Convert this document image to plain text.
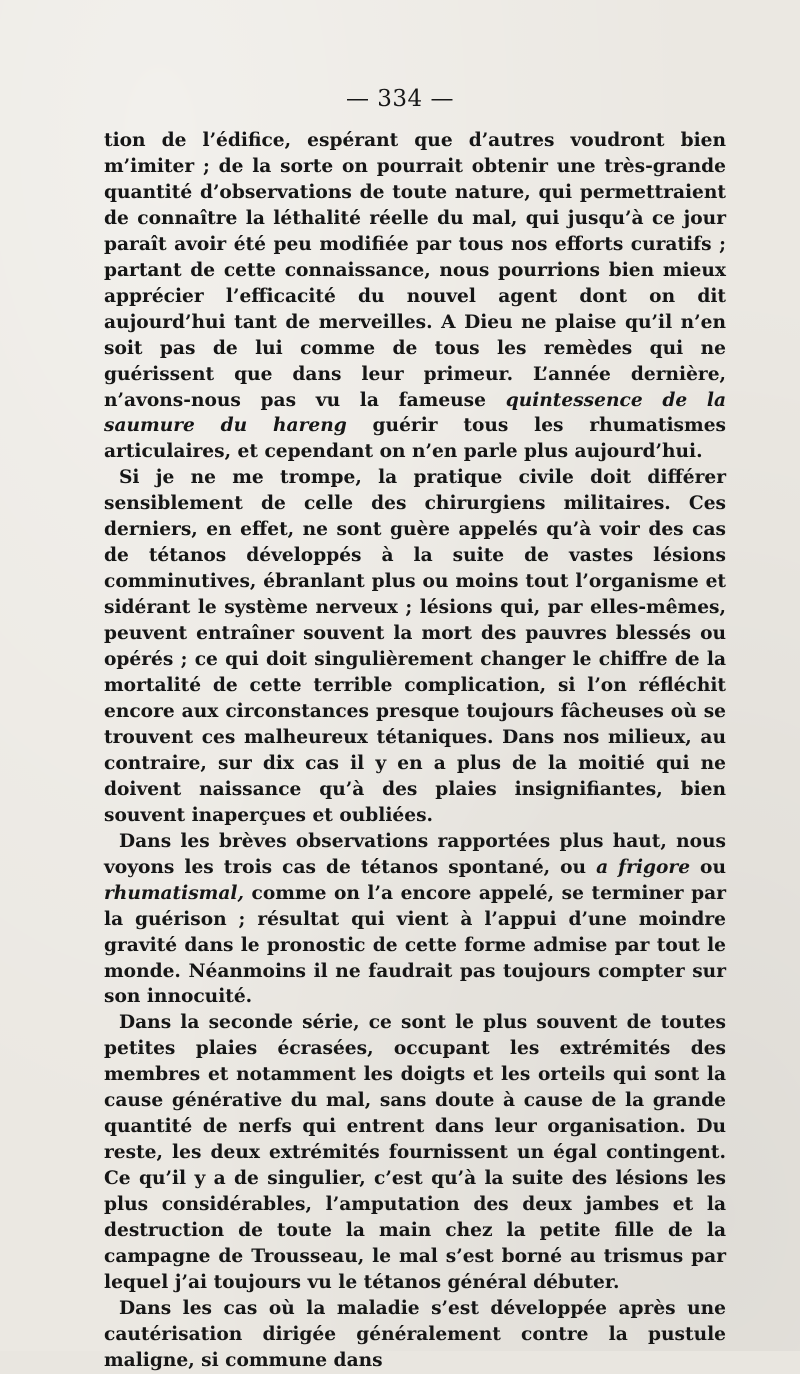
— 334 —

tion de l’édifice, espérant que d’autres voudront bien m’imiter ; de la sorte on pourrait obtenir une très-grande quantité d’observations de toute nature, qui permettraient de connaître la léthalité réelle du mal, qui jusqu’à ce jour paraît avoir été peu modifiée par tous nos efforts curatifs ; partant de cette connaissance, nous pourrions bien mieux apprécier l’efficacité du nouvel agent dont on dit aujourd’hui tant de merveilles. A Dieu ne plaise qu’il n’en soit pas de lui comme de tous les remèdes qui ne guérissent que dans leur primeur. L’année dernière, n’avons-nous pas vu la fameuse quintessence de la saumure du hareng guérir tous les rhumatismes articulaires, et cependant on n’en parle plus aujourd’hui.

Si je ne me trompe, la pratique civile doit différer sensiblement de celle des chirurgiens militaires. Ces derniers, en effet, ne sont guère appelés qu’à voir des cas de tétanos développés à la suite de vastes lésions comminutives, ébranlant plus ou moins tout l’organisme et sidérant le système nerveux ; lésions qui, par elles-mêmes, peuvent entraîner souvent la mort des pauvres blessés ou opérés ; ce qui doit singulièrement changer le chiffre de la mortalité de cette terrible complication, si l’on réfléchit encore aux circonstances presque toujours fâcheuses où se trouvent ces malheureux tétaniques. Dans nos milieux, au contraire, sur dix cas il y en a plus de la moitié qui ne doivent naissance qu’à des plaies insignifiantes, bien souvent inaperçues et oubliées.

Dans les brèves observations rapportées plus haut, nous voyons les trois cas de tétanos spontané, ou a frigore ou rhumatismal, comme on l’a encore appelé, se terminer par la guérison ; résultat qui vient à l’appui d’une moindre gravité dans le pronostic de cette forme admise par tout le monde. Néanmoins il ne faudrait pas toujours compter sur son innocuité.

Dans la seconde série, ce sont le plus souvent de toutes petites plaies écrasées, occupant les extrémités des membres et notamment les doigts et les orteils qui sont la cause générative du mal, sans doute à cause de la grande quantité de nerfs qui entrent dans leur organisation. Du reste, les deux extrémités fournissent un égal contingent. Ce qu’il y a de singulier, c’est qu’à la suite des lésions les plus considérables, l’amputation des deux jambes et la destruction de toute la main chez la petite fille de la campagne de Trousseau, le mal s’est borné au trismus par lequel j’ai toujours vu le tétanos général débuter.

Dans les cas où la maladie s’est développée après une cautérisation dirigée généralement contre la pustule maligne, si commune dans
